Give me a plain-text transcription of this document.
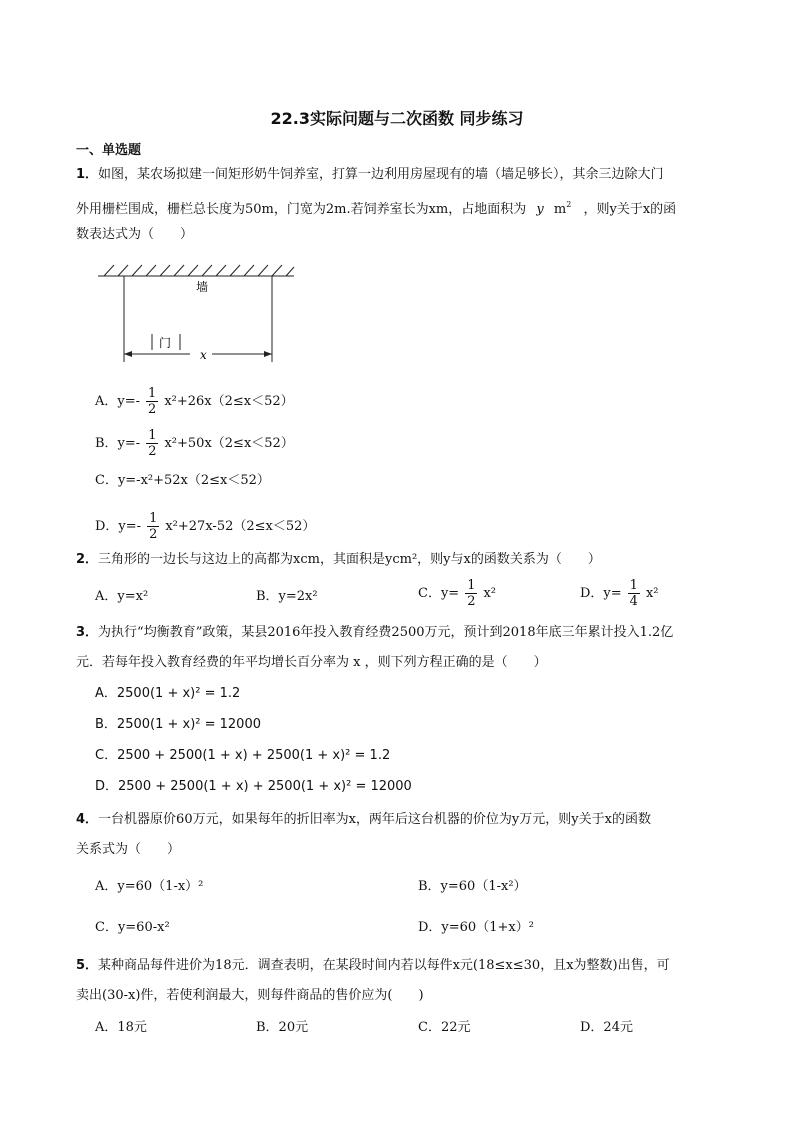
22.3实际问题与二次函数 同步练习
一、单选题
1．如图，某农场拟建一间矩形奶牛饲养室，打算一边利用房屋现有的墙（墙足够长），其余三边除大门
外用栅栏围成，栅栏总长度为50m，门宽为2m.若饲养室长为xm，占地面积为 y $m^2$ ，则y关于x的函
数表达式为（　　）
墙
门
x
A．$y=- \frac{1}{2} x^2+26x(2\le x<52)$
B．$y=- \frac{1}{2} x^2+50x(2\le x<52)$
C．y=-x²+52x（2≤x＜52）
D．$y=- \frac{1}{2} x^2+27x-52(2\le x<52)$
2．三角形的一边长与这边上的高都为xcm，其面积是ycm²，则y与x的函数关系为（　　）
A．y=x²	B．y=2x²	C．$y= \frac{1}{2} x^2$	D．$y= \frac{1}{4} x^2$
3．为执行“均衡教育”政策，某县2016年投入教育经费2500万元，预计到2018年底三年累计投入1.2亿
元．若每年投入教育经费的年平均增长百分率为 x ，则下列方程正确的是（　　）
A．2500(1 + x)² = 1.2
B．2500(1 + x)² = 12000
C．2500 + 2500(1 + x) + 2500(1 + x)² = 1.2
D．2500 + 2500(1 + x) + 2500(1 + x)² = 12000
4．一台机器原价60万元，如果每年的折旧率为x，两年后这台机器的价位为y万元，则y关于x的函数
关系式为（　　）
A．y=60（1-x）²	B．y=60（1-x²）
C．y=60-x²	D．y=60（1+x）²
5．某种商品每件进价为18元．调查表明，在某段时间内若以每件x元(18≤x≤30，且x为整数)出售，可
卖出(30-x)件，若使利润最大，则每件商品的售价应为(　　)
A．18元	B．20元	C．22元	D．24元
